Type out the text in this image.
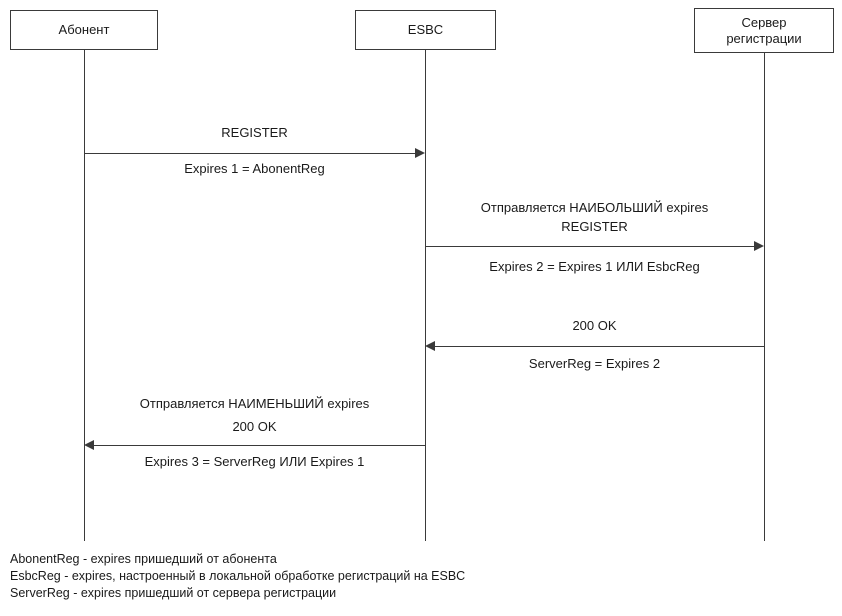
Абонент	ESBC	Сервер
регистрации
REGISTER
Expires 1 = AbonentReg
Отправляется НАИБОЛЬШИЙ expires
REGISTER
Expires 2 = Expires 1 ИЛИ EsbcReg
200 OK
ServerReg = Expires 2
Отправляется НАИМЕНЬШИЙ expires
200 OK
Expires 3 = ServerReg ИЛИ Expires 1
AbonentReg - expires пришедший от абонента
EsbcReg - expires, настроенный в локальной обработке регистраций на ESBC
ServerReg - expires пришедший от сервера регистрации
